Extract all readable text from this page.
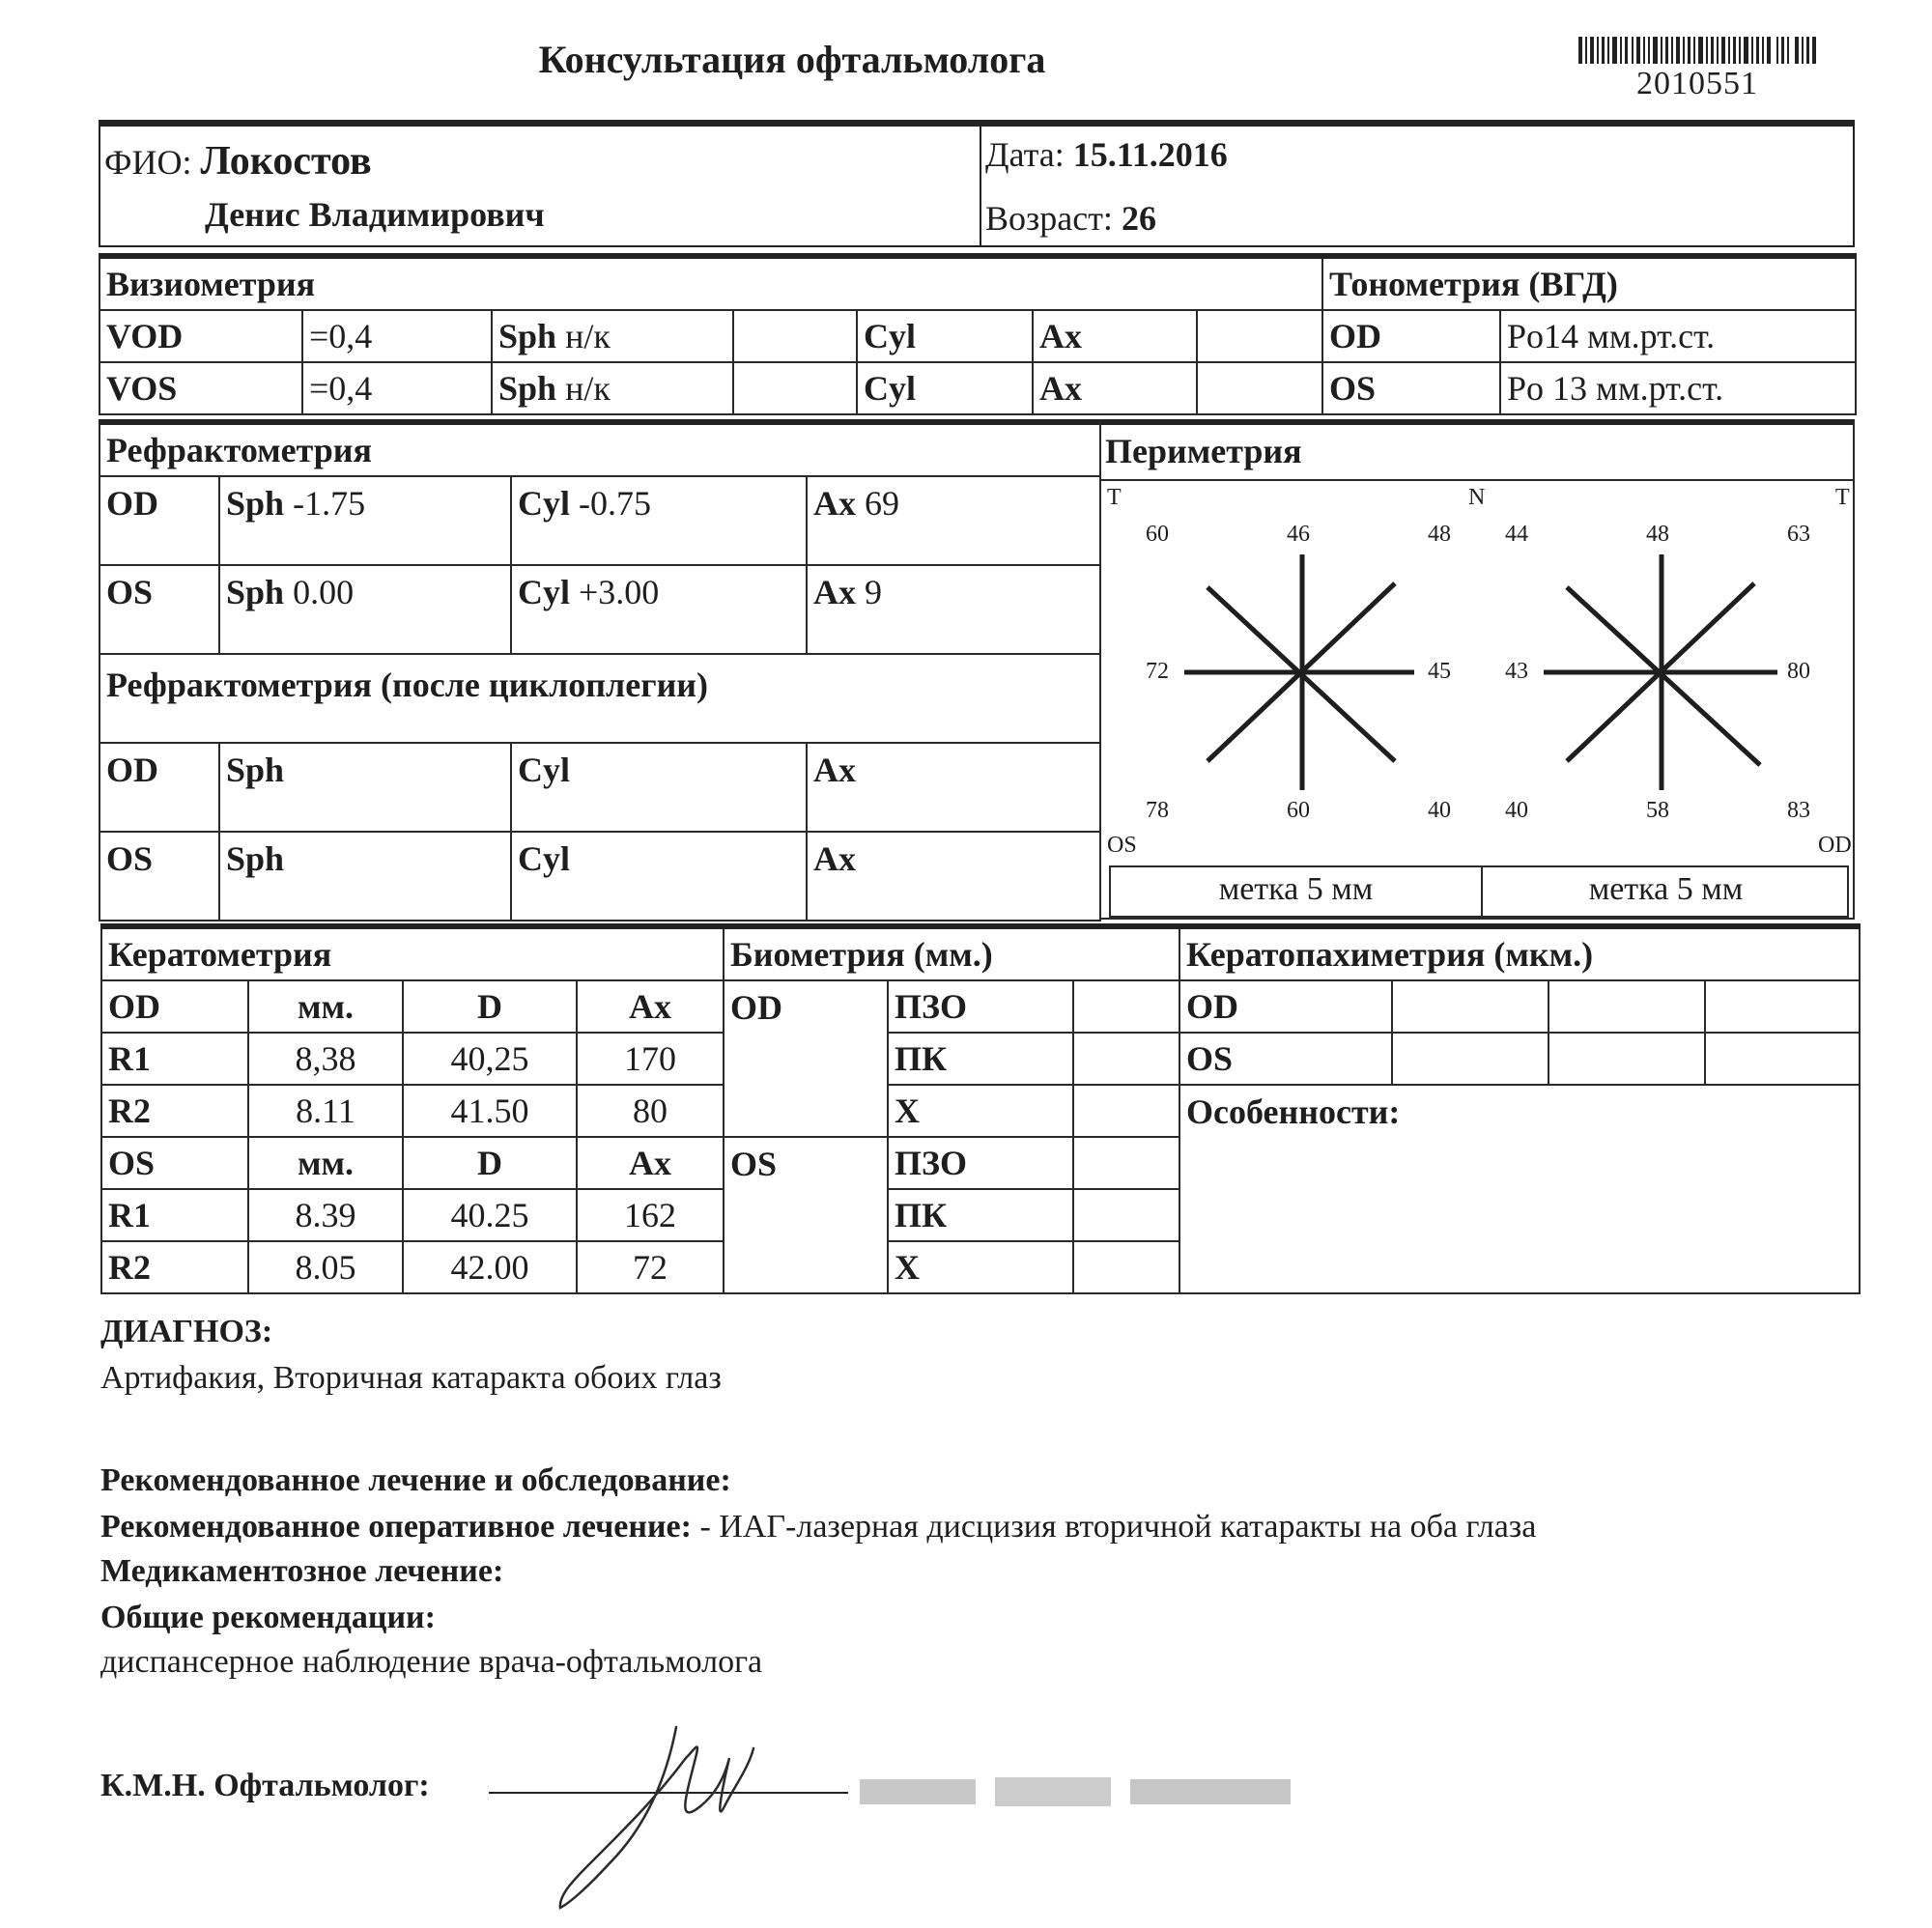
Консультация офтальмолога
2010551
ФИО: Локостов
Денис Владимирович
Дата: 15.11.2016
Возраст: 26
Визиометрия							Тонометрия (ВГД)	
VOD	=0,4	Sph н/к		Cyl	Ax		OD	Po14 мм.рт.ст.
VOS	=0,4	Sph н/к		Cyl	Ax		OS	Po 13 мм.рт.ст.
Рефрактометрия			
OD	Sph -1.75	Cyl -0.75	Ax 69
OS	Sph 0.00	Cyl +3.00	Ax 9
Рефрактометрия (после циклоплегии)			
OD	Sph	Cyl	Ax
OS	Sph	Cyl	Ax
Периметрия
T	N	T
OS	OD
60	46	48
72	45
78	60	40
44	48	63
43	80
40	58	83
метка 5 мм	метка 5 мм
Кератометрия			
OD	мм.	D	Ax
R1	8,38	40,25	170
R2	8.11	41.50	80
OS	мм.	D	Ax
R1	8.39	40.25	162
R2	8.05	42.00	72
Биометрия (мм.)		
OD	ПЗО	
	ПК	
	Х	
OS	ПЗО	
	ПК	
	Х	
Кератопахиметрия (мкм.)			
OD			
OS			
Особенности:			
ДИАГНОЗ:
Артифакия, Вторичная катаракта обоих глаз
Рекомендованное лечение и обследование:
Рекомендованное оперативное лечение: - ИАГ-лазерная дисцизия вторичной катаракты на оба глаза
Медикаментозное лечение:
Общие рекомендации:
диспансерное наблюдение врача-офтальмолога
К.М.Н. Офтальмолог:
